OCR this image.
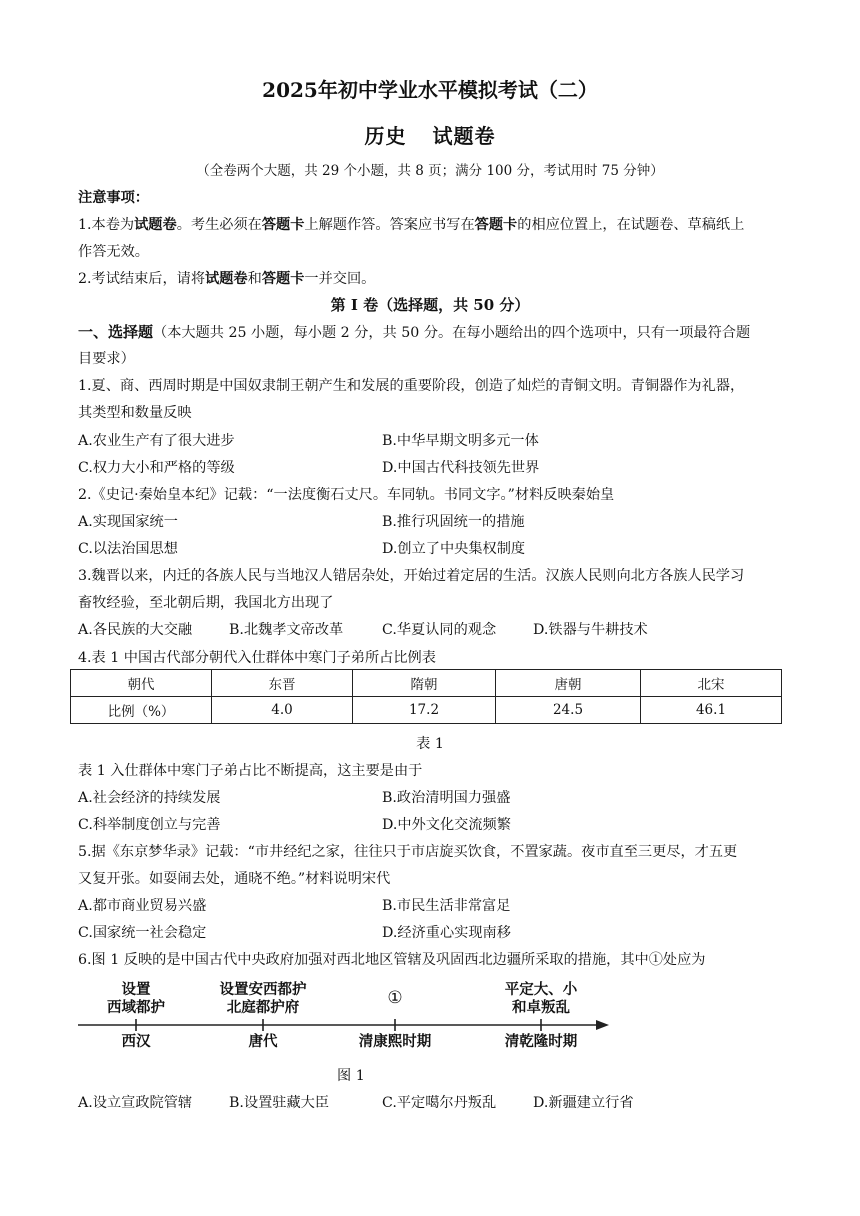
2025年初中学业水平模拟考试（二）
历史 试题卷
（全卷两个大题，共 29 个小题，共 8 页；满分 100 分，考试用时 75 分钟）
注意事项：
1.本卷为试题卷。考生必须在答题卡上解题作答。答案应书写在答题卡的相应位置上，在试题卷、草稿纸上
作答无效。
2.考试结束后，请将试题卷和答题卡一并交回。
第 I 卷（选择题，共 50 分）
一、选择题（本大题共 25 小题，每小题 2 分，共 50 分。在每小题给出的四个选项中，只有一项最符合题
目要求）
1.夏、商、西周时期是中国奴隶制王朝产生和发展的重要阶段，创造了灿烂的青铜文明。青铜器作为礼器，
其类型和数量反映
A.农业生产有了很大进步	B.中华早期文明多元一体
C.权力大小和严格的等级	D.中国古代科技领先世界
2.《史记·秦始皇本纪》记载：“一法度衡石丈尺。车同轨。书同文字。”材料反映秦始皇
A.实现国家统一	B.推行巩固统一的措施
C.以法治国思想	D.创立了中央集权制度
3.魏晋以来，内迁的各族人民与当地汉人错居杂处，开始过着定居的生活。汉族人民则向北方各族人民学习
畜牧经验，至北朝后期，我国北方出现了
A.各民族的大交融	B.北魏孝文帝改革	C.华夏认同的观念	D.铁器与牛耕技术
4.表 1 中国古代部分朝代入仕群体中寒门子弟所占比例表
朝代	东晋	隋朝	唐朝	北宋
比例（%）	4.0	17.2	24.5	46.1
表 1
表 1 入仕群体中寒门子弟占比不断提高，这主要是由于
A.社会经济的持续发展	B.政治清明国力强盛
C.科举制度创立与完善	D.中外文化交流频繁
5.据《东京梦华录》记载：“市井经纪之家，往往只于市店旋买饮食，不置家蔬。夜市直至三更尽，才五更
又复开张。如耍闹去处，通晓不绝。”材料说明宋代
A.都市商业贸易兴盛	B.市民生活非常富足
C.国家统一社会稳定	D.经济重心实现南移
6.图 1 反映的是中国古代中央政府加强对西北地区管辖及巩固西北边疆所采取的措施，其中①处应为
设置
西域都护
设置安西都护
北庭都护府	①	平定大、小
和卓叛乱
西汉	唐代	清康熙时期	清乾隆时期
图 1
A.设立宣政院管辖	B.设置驻藏大臣	C.平定噶尔丹叛乱	D.新疆建立行省
